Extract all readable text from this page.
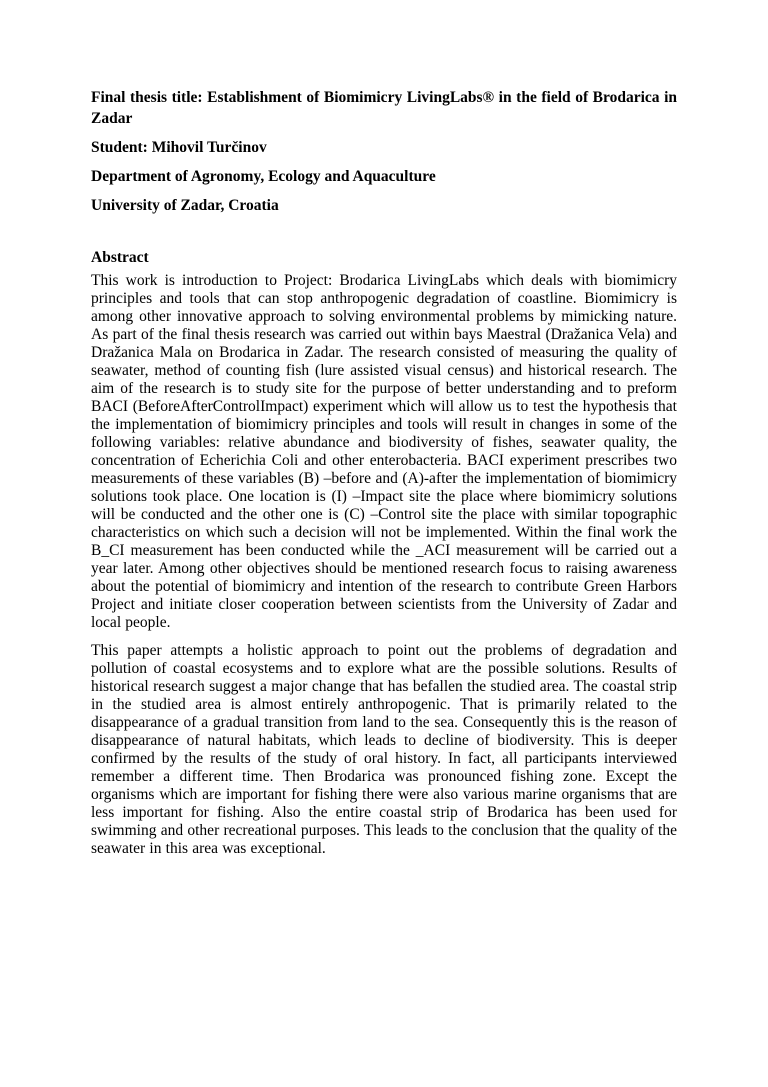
Final thesis title: Establishment of Biomimicry LivingLabs® in the field of Brodarica in Zadar

Student: Mihovil Turčinov

Department of Agronomy, Ecology and Aquaculture

University of Zadar, Croatia

Abstract

This work is introduction to Project: Brodarica LivingLabs which deals with biomimicry principles and tools that can stop anthropogenic degradation of coastline. Biomimicry is among other innovative approach to solving environmental problems by mimicking nature. As part of the final thesis research was carried out within bays Maestral (Dražanica Vela) and Dražanica Mala on Brodarica in Zadar. The research consisted of measuring the quality of seawater, method of counting fish (lure assisted visual census) and historical research. The aim of the research is to study site for the purpose of better understanding and to preform BACI (BeforeAfterControlImpact) experiment which will allow us to test the hypothesis that the implementation of biomimicry principles and tools will result in changes in some of the following variables: relative abundance and biodiversity of fishes, seawater quality, the concentration of Echerichia Coli and other enterobacteria. BACI experiment prescribes two measurements of these variables (B) –before and (A)-after the implementation of biomimicry solutions took place. One location is (I) –Impact site the place where biomimicry solutions will be conducted and the other one is (C) –Control site the place with similar topographic characteristics on which such a decision will not be implemented. Within the final work the B_CI measurement has been conducted while the _ACI measurement will be carried out a year later. Among other objectives should be mentioned research focus to raising awareness about the potential of biomimicry and intention of the research to contribute Green Harbors Project and initiate closer cooperation between scientists from the University of Zadar and local people.

This paper attempts a holistic approach to point out the problems of degradation and pollution of coastal ecosystems and to explore what are the possible solutions. Results of historical research suggest a major change that has befallen the studied area. The coastal strip in the studied area is almost entirely anthropogenic. That is primarily related to the disappearance of a gradual transition from land to the sea. Consequently this is the reason of disappearance of natural habitats, which leads to decline of biodiversity. This is deeper confirmed by the results of the study of oral history. In fact, all participants interviewed remember a different time. Then Brodarica was pronounced fishing zone. Except the organisms which are important for fishing there were also various marine organisms that are less important for fishing. Also the entire coastal strip of Brodarica has been used for swimming and other recreational purposes. This leads to the conclusion that the quality of the seawater in this area was exceptional.
